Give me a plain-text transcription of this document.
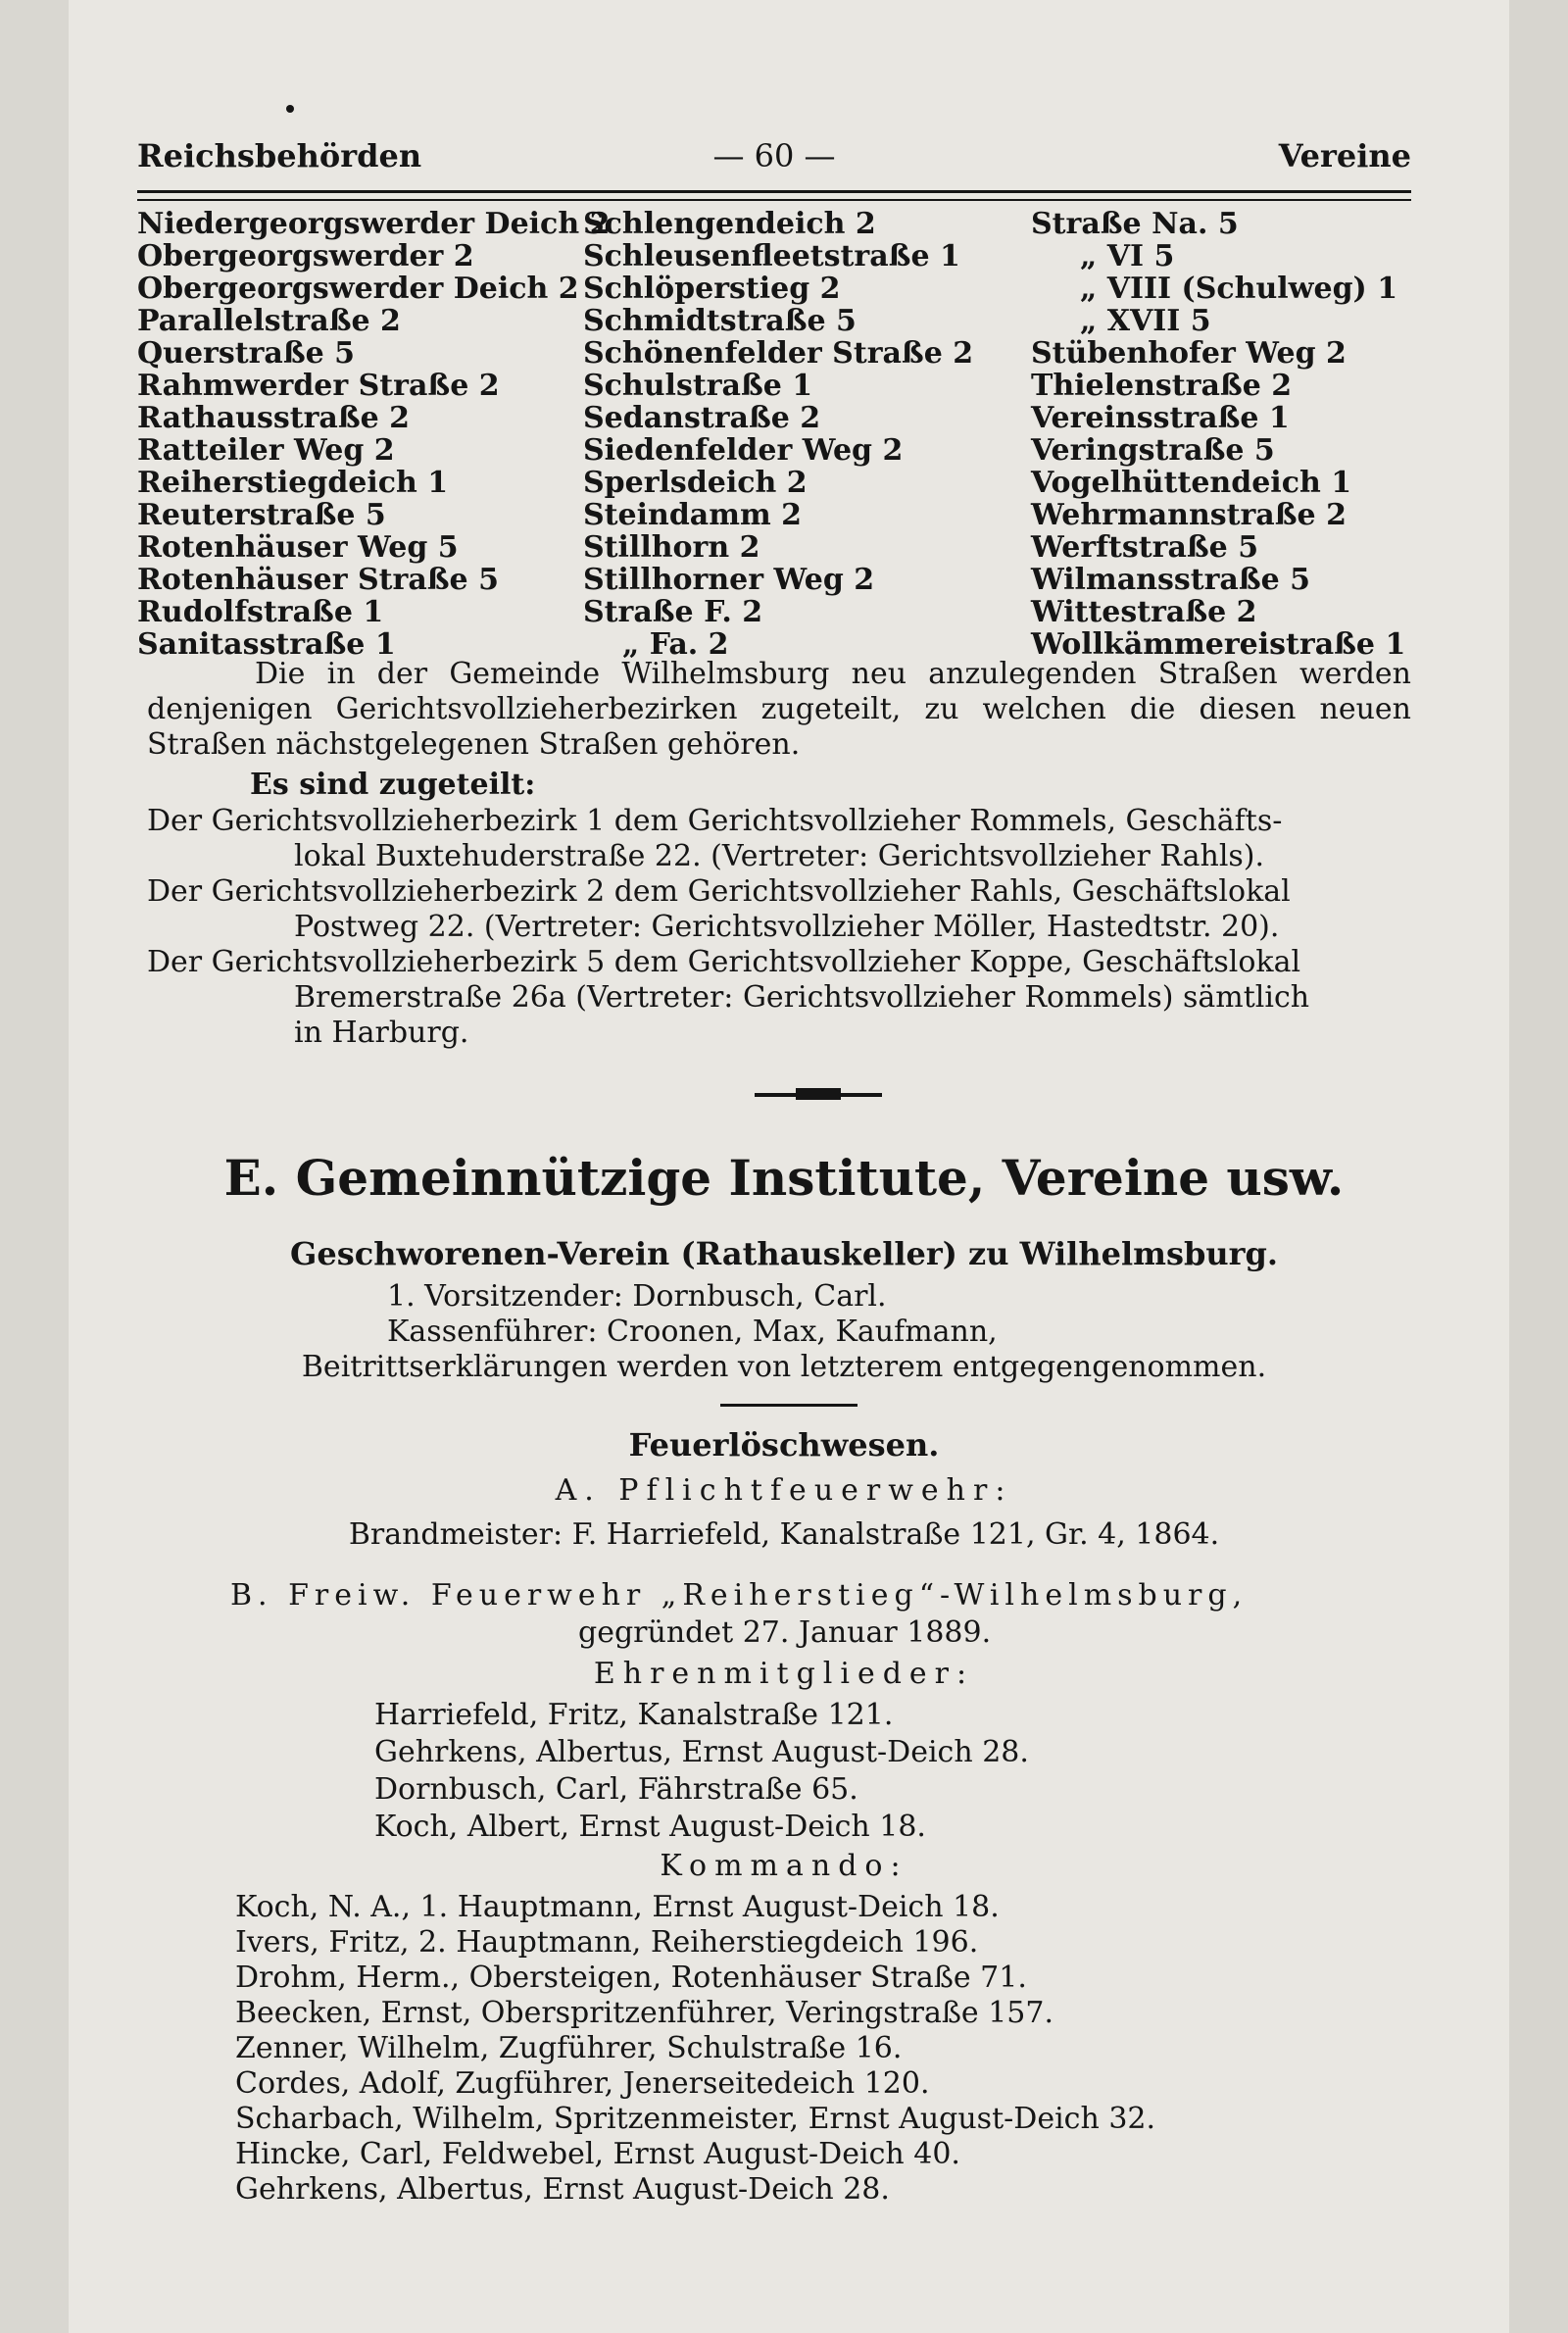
Reichsbehörden	— 60 —	Vereine
Niedergeorgswerder Deich 2
Obergeorgswerder 2
Obergeorgswerder Deich 2
Parallelstraße 2
Querstraße 5
Rahmwerder Straße 2
Rathausstraße 2
Ratteiler Weg 2
Reiherstiegdeich 1
Reuterstraße 5
Rotenhäuser Weg 5
Rotenhäuser Straße 5
Rudolfstraße 1
Sanitasstraße 1
Schlengendeich 2
Schleusenfleetstraße 1
Schlöperstieg 2
Schmidtstraße 5
Schönenfelder Straße 2
Schulstraße 1
Sedanstraße 2
Siedenfelder Weg 2
Sperlsdeich 2
Steindamm 2
Stillhorn 2
Stillhorner Weg 2
Straße F. 2
„ Fa. 2
Straße Na. 5
„ VI 5
„ VIII (Schulweg) 1
„ XVII 5
Stübenhofer Weg 2
Thielenstraße 2
Vereinsstraße 1
Veringstraße 5
Vogelhüttendeich 1
Wehrmannstraße 2
Werftstraße 5
Wilmansstraße 5
Wittestraße 2
Wollkämmereistraße 1
Die in der Gemeinde Wilhelmsburg neu anzulegenden Straßen werden denjenigen Gerichtsvollzieherbezirken zugeteilt, zu welchen die diesen neuen Straßen nächstgelegenen Straßen gehören.
Es sind zugeteilt:
Der Gerichtsvollzieherbezirk 1 dem Gerichtsvollzieher Rommels, Geschäfts-
lokal Buxtehuderstraße 22. (Vertreter: Gerichtsvollzieher Rahls).
Der Gerichtsvollzieherbezirk 2 dem Gerichtsvollzieher Rahls, Geschäftslokal
Postweg 22. (Vertreter: Gerichtsvollzieher Möller, Hastedtstr. 20).
Der Gerichtsvollzieherbezirk 5 dem Gerichtsvollzieher Koppe, Geschäftslokal
Bremerstraße 26a (Vertreter: Gerichtsvollzieher Rommels) sämtlich
in Harburg.
E. Gemeinnützige Institute, Vereine usw.
Geschworenen-Verein (Rathauskeller) zu Wilhelmsburg.
1. Vorsitzender: Dornbusch, Carl.
Kassenführer: Croonen, Max, Kaufmann,
Beitrittserklärungen werden von letzterem entgegengenommen.
Feuerlöschwesen.
A. Pflichtfeuerwehr:
Brandmeister: F. Harriefeld, Kanalstraße 121, Gr. 4, 1864.
B. Freiw. Feuerwehr „Reiherstieg“-Wilhelmsburg,
gegründet 27. Januar 1889.
Ehrenmitglieder:
Harriefeld, Fritz, Kanalstraße 121.
Gehrkens, Albertus, Ernst August-Deich 28.
Dornbusch, Carl, Fährstraße 65.
Koch, Albert, Ernst August-Deich 18.
Kommando:
Koch, N. A., 1. Hauptmann, Ernst August-Deich 18.
Ivers, Fritz, 2. Hauptmann, Reiherstiegdeich 196.
Drohm, Herm., Obersteigen, Rotenhäuser Straße 71.
Beecken, Ernst, Oberspritzenführer, Veringstraße 157.
Zenner, Wilhelm, Zugführer, Schulstraße 16.
Cordes, Adolf, Zugführer, Jenerseitedeich 120.
Scharbach, Wilhelm, Spritzenmeister, Ernst August-Deich 32.
Hincke, Carl, Feldwebel, Ernst August-Deich 40.
Gehrkens, Albertus, Ernst August-Deich 28.
